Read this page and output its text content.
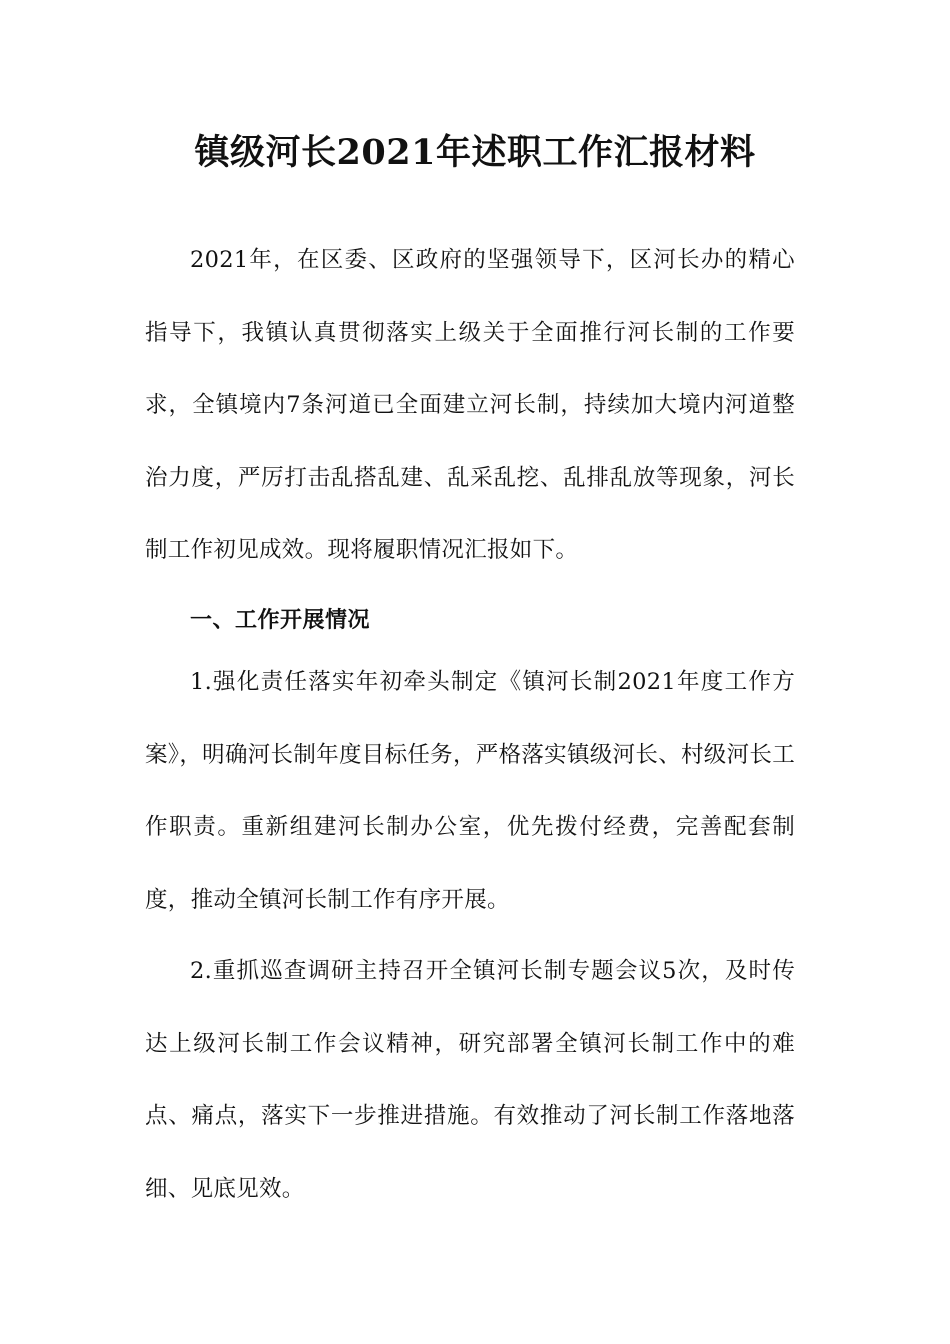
镇级河长2021年述职工作汇报材料

2021年，在区委、区政府的坚强领导下，区河长办的精心指导下，我镇认真贯彻落实上级关于全面推行河长制的工作要求，全镇境内7条河道已全面建立河长制，持续加大境内河道整治力度，严厉打击乱搭乱建、乱采乱挖、乱排乱放等现象，河长制工作初见成效。现将履职情况汇报如下。

一、工作开展情况

1.强化责任落实年初牵头制定《镇河长制2021年度工作方案》，明确河长制年度目标任务，严格落实镇级河长、村级河长工作职责。重新组建河长制办公室，优先拨付经费，完善配套制度，推动全镇河长制工作有序开展。

2.重抓巡查调研主持召开全镇河长制专题会议5次，及时传达上级河长制工作会议精神，研究部署全镇河长制工作中的难点、痛点，落实下一步推进措施。有效推动了河长制工作落地落细、见底见效。
